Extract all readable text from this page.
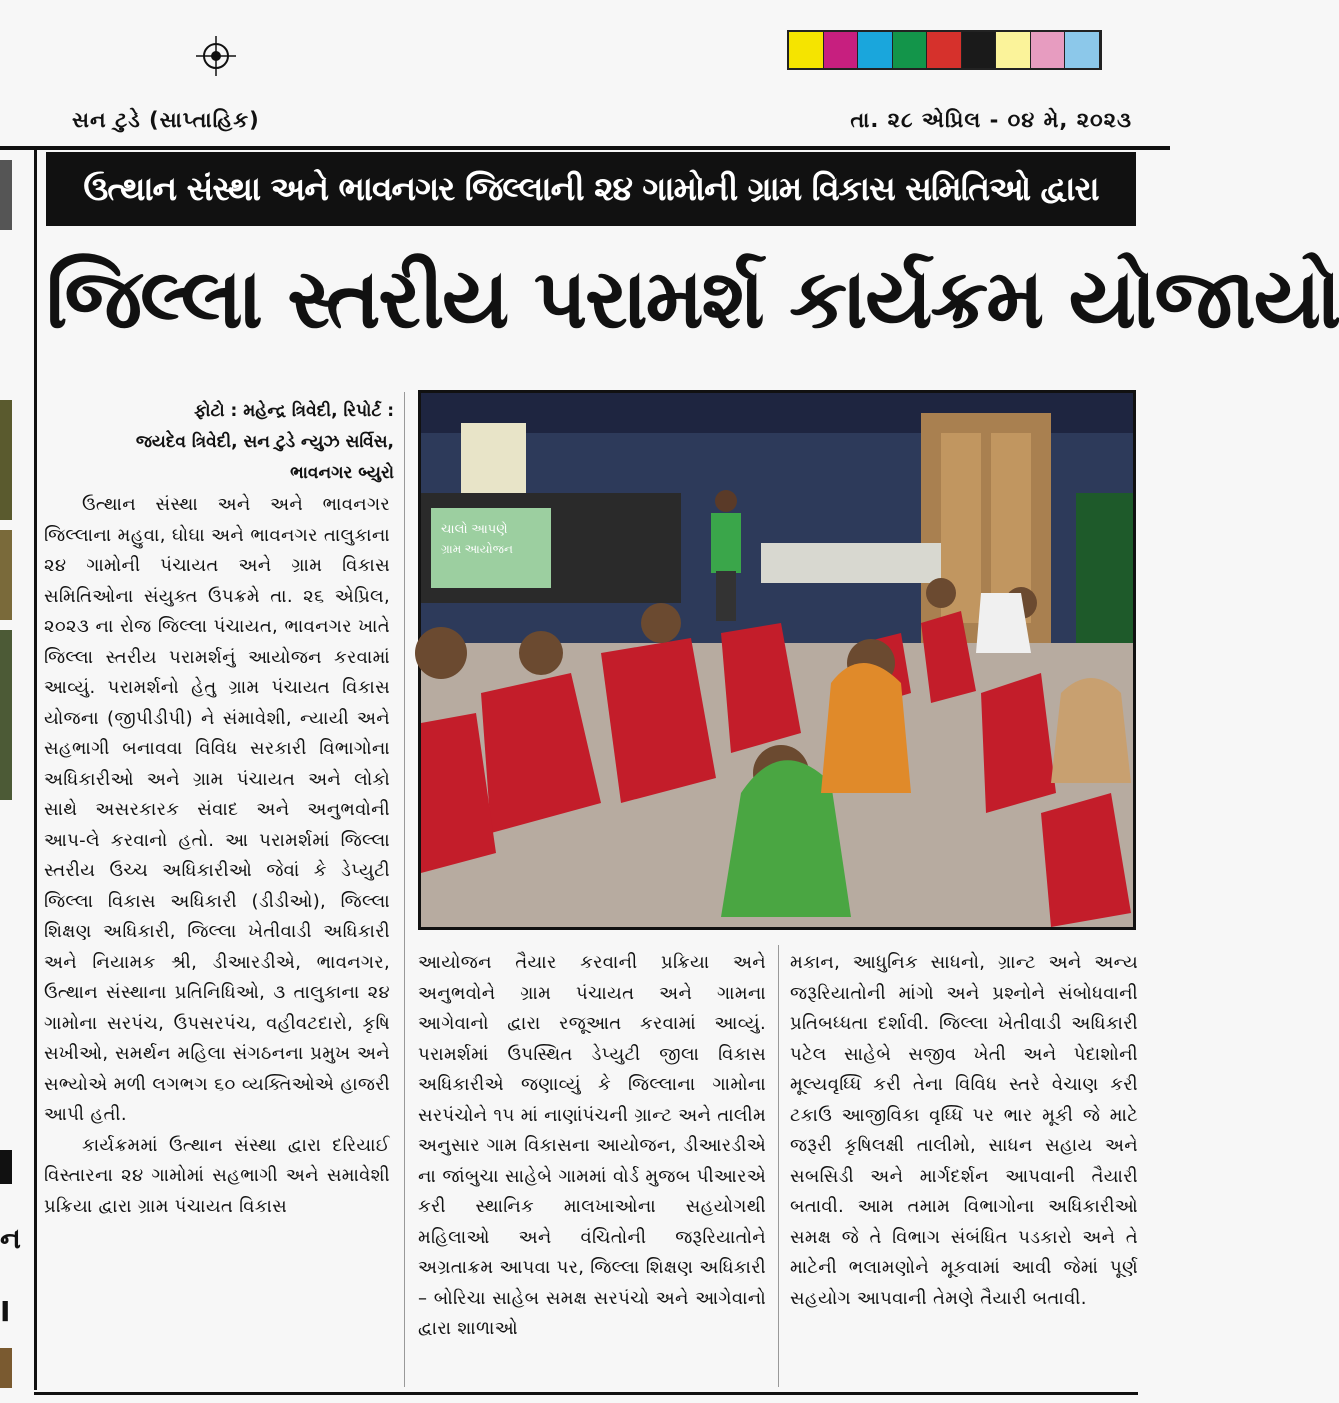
સન ટુડે (સાપ્તાહિક)	તા. ૨૮ એપ્રિલ - ૦૪ મે, ૨૦૨૩
ન
I
ઉત્થાન સંસ્થા અને ભાવનગર જિલ્લાની ૨૪ ગામોની ગ્રામ વિકાસ સમિતિઓ દ્વારા
જિલ્લા સ્તરીય પરામર્શ કાર્યક્રમ યોજાયો
ફોટો : મહેન્દ્ર ત્રિવેદી, રિપોર્ટ :
જયદેવ ત્રિવેદી, સન ટુડે ન્યુઝ સર્વિસ,
ભાવનગર બ્યુરો
ચાલો આપણે
ગ્રામ આયોજન

ઉત્થાન સંસ્થા અને અને ભાવનગર જિલ્લાના મહુવા, ઘોઘા અને ભાવનગર તાલુકાના ૨૪ ગામોની પંચાયત અને ગ્રામ વિકાસ સમિતિઓના સંયુક્ત ઉપક્રમે તા. ૨૬ એપ્રિલ, ૨૦૨૩ ના રોજ જિલ્લા પંચાયત, ભાવનગર ખાતે જિલ્લા સ્તરીય પરામર્શનું આયોજન કરવામાં આવ્યું. પરામર્શનો હેતુ ગ્રામ પંચાયત વિકાસ યોજના (જીપીડીપી) ને સંમાવેશી, ન્યાયી અને સહભાગી બનાવવા વિવિધ સરકારી વિભાગોના અધિકારીઓ અને ગ્રામ પંચાયત અને લોકો સાથે અસરકારક સંવાદ અને અનુભવોની આપ-લે કરવાનો હતો. આ પરામર્શમાં જિલ્લા સ્તરીય ઉચ્ચ અધિકારીઓ જેવાં કે ડેપ્યુટી જિલ્લા વિકાસ અધિકારી (ડીડીઓ), જિલ્લા શિક્ષણ અધિકારી, જિલ્લા ખેતીવાડી અધિકારી અને નિયામક શ્રી, ડીઆરડીએ, ભાવનગર, ઉત્થાન સંસ્થાના પ્રતિનિધિઓ, ૩ તાલુકાના ૨૪ ગામોના સરપંચ, ઉપસરપંચ, વહીવટદારો, કૃષિ સખીઓ, સમર્થન મહિલા સંગઠનના પ્રમુખ અને સભ્યોએ મળી લગભગ ૬૦ વ્યક્તિઓએ હાજરી આપી હતી.

કાર્યક્રમમાં ઉત્થાન સંસ્થા દ્વારા દરિયાઈ વિસ્તારના ૨૪ ગામોમાં સહભાગી અને સમાવેશી પ્રક્રિયા દ્વારા ગ્રામ પંચાયત વિકાસ

આયોજન તૈયાર કરવાની પ્રક્રિયા અને અનુભવોને ગ્રામ પંચાયત અને ગામના આગેવાનો દ્વારા રજૂઆત કરવામાં આવ્યું. પરામર્શમાં ઉપસ્થિત ડેપ્યુટી જીલા વિકાસ અધિકારીએ જણાવ્યું કે જિલ્લાના ગામોના સરપંચોને ૧૫ માં નાણાંપંચની ગ્રાન્ટ અને તાલીમ અનુસાર ગામ વિકાસના આયોજન, ડીઆરડીએ ના જાંબુચા સાહેબે ગામમાં વોર્ડ મુજબ પીઆરએ કરી સ્થાનિક માલખાઓના સહયોગથી મહિલાઓ અને વંચિતોની જરૂરિયાતોને અગ્રતાક્રમ આપવા પર, જિલ્લા શિક્ષણ અધિકારી – બોરિચા સાહેબ સમક્ષ સરપંચો અને આગેવાનો દ્વારા શાળાઓ

મકાન, આધુનિક સાધનો, ગ્રાન્ટ અને અન્ય જરૂરિયાતોની માંગો અને પ્રશ્નોને સંબોધવાની પ્રતિબધ્ધતા દર્શાવી. જિલ્લા ખેતીવાડી અધિકારી પટેલ સાહેબે સજીવ ખેતી અને પેદાશોની મૂલ્યવૃધ્ધિ કરી તેના વિવિધ સ્તરે વેચાણ કરી ટકાઉ આજીવિકા વૃધ્ધિ પર ભાર મૂકી જે માટે જરૂરી કૃષિલક્ષી તાલીમો, સાધન સહાય અને સબસિડી અને માર્ગદર્શન આપવાની તૈયારી બતાવી. આમ તમામ વિભાગોના અધિકારીઓ સમક્ષ જે તે વિભાગ સંબંધિત પડકારો અને તે માટેની ભલામણોને મૂકવામાં આવી જેમાં પૂર્ણ સહયોગ આપવાની તેમણે તૈયારી બતાવી.
